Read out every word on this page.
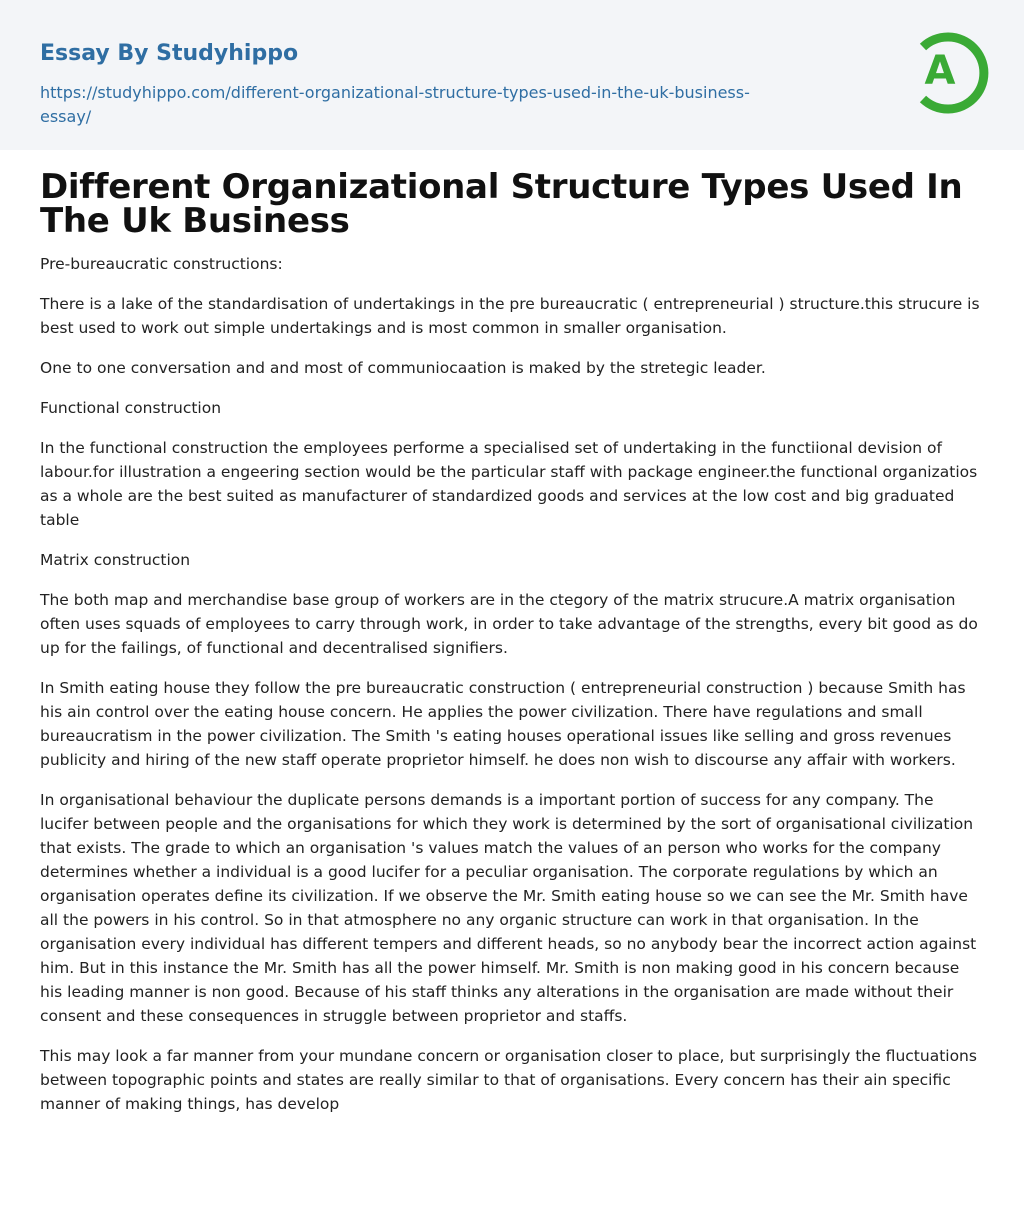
Essay By Studyhippo
https://studyhippo.com/different-organizational-structure-types-used-in-the-uk-business-essay/
A
Different Organizational Structure Types Used In The Uk Business

Pre-bureaucratic constructions:

There is a lake of the standardisation of undertakings in the pre bureaucratic ( entrepreneurial ) structure.this strucure is best used to work out simple undertakings and is most common in smaller organisation.

One to one conversation and and most of communiocaation is maked by the stretegic leader.

Functional construction

In the functional construction the employees performe a specialised set of undertaking in the functiional devision of labour.for illustration a engeering section would be the particular staff with package engineer.the functional organizatios as a whole are the best suited as manufacturer of standardized goods and services at the low cost and big graduated table

Matrix construction

The both map and merchandise base group of workers are in the ctegory of the matrix strucure.A matrix organisation often uses squads of employees to carry through work, in order to take advantage of the strengths, every bit good as do up for the failings, of functional and decentralised signifiers.

In Smith eating house they follow the pre bureaucratic construction ( entrepreneurial construction ) because Smith has his ain control over the eating house concern. He applies the power civilization. There have regulations and small bureaucratism in the power civilization. The Smith 's eating houses operational issues like selling and gross revenues publicity and hiring of the new staff operate proprietor himself. he does non wish to discourse any affair with workers.

In organisational behaviour the duplicate persons demands is a important portion of success for any company. The lucifer between people and the organisations for which they work is determined by the sort of organisational civilization that exists. The grade to which an organisation 's values match the values of an person who works for the company determines whether a individual is a good lucifer for a peculiar organisation. The corporate regulations by which an organisation operates define its civilization. If we observe the Mr. Smith eating house so we can see the Mr. Smith have all the powers in his control. So in that atmosphere no any organic structure can work in that organisation. In the organisation every individual has different tempers and different heads, so no anybody bear the incorrect action against him. But in this instance the Mr. Smith has all the power himself. Mr. Smith is non making good in his concern because his leading manner is non good. Because of his staff thinks any alterations in the organisation are made without their consent and these consequences in struggle between proprietor and staffs.

This may look a far manner from your mundane concern or organisation closer to place, but surprisingly the fluctuations between topographic points and states are really similar to that of organisations. Every concern has their ain specific manner of making things, has develop
